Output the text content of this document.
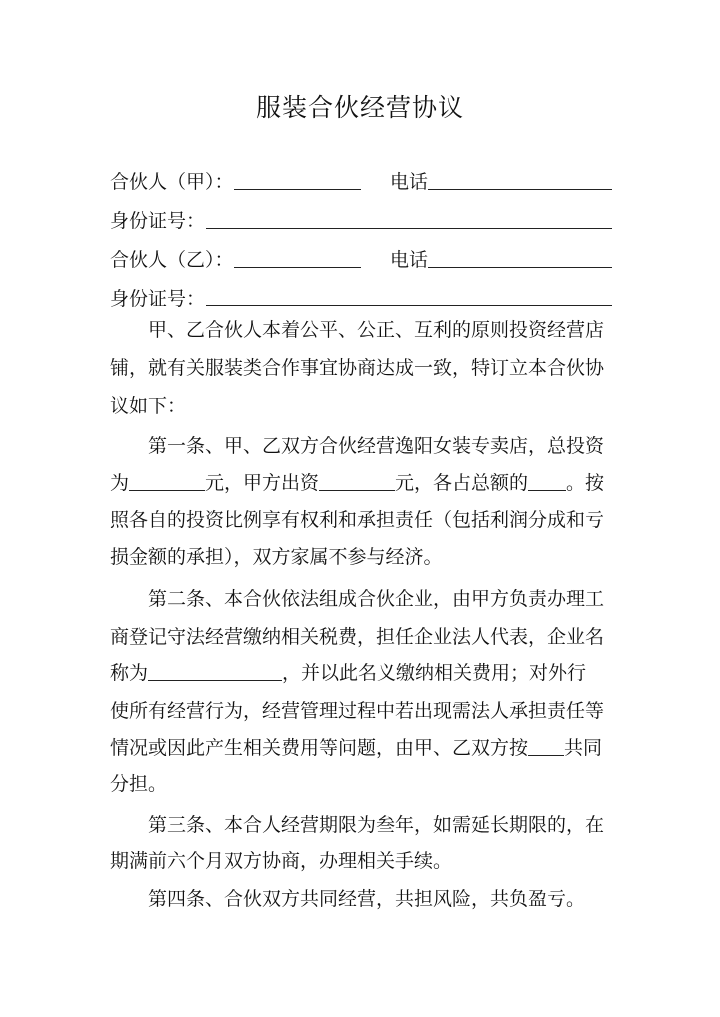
服装合伙经营协议
合伙人（甲）：	电话
身份证号：
合伙人（乙）：	电话
身份证号：
甲、乙合伙人本着公平、公正、互利的原则投资经营店
铺，就有关服装类合作事宜协商达成一致，特订立本合伙协
议如下：
第一条、甲、乙双方合伙经营逸阳女装专卖店，总投资
为	元，甲方出资	元，各占总额的 。按
照各自的投资比例享有权利和承担责任（包括利润分成和亏
损金额的承担），双方家属不参与经济。
第二条、本合伙依法组成合伙企业，由甲方负责办理工
商登记守法经营缴纳相关税费，担任企业法人代表，企业名
称为	，并以此名义缴纳相关费用；对外行
使所有经营行为，经营管理过程中若出现需法人承担责任等
情况或因此产生相关费用等问题，由甲、乙双方按 共同
分担。
第三条、本合人经营期限为叁年，如需延长期限的，在
期满前六个月双方协商，办理相关手续。
第四条、合伙双方共同经营，共担风险，共负盈亏。
